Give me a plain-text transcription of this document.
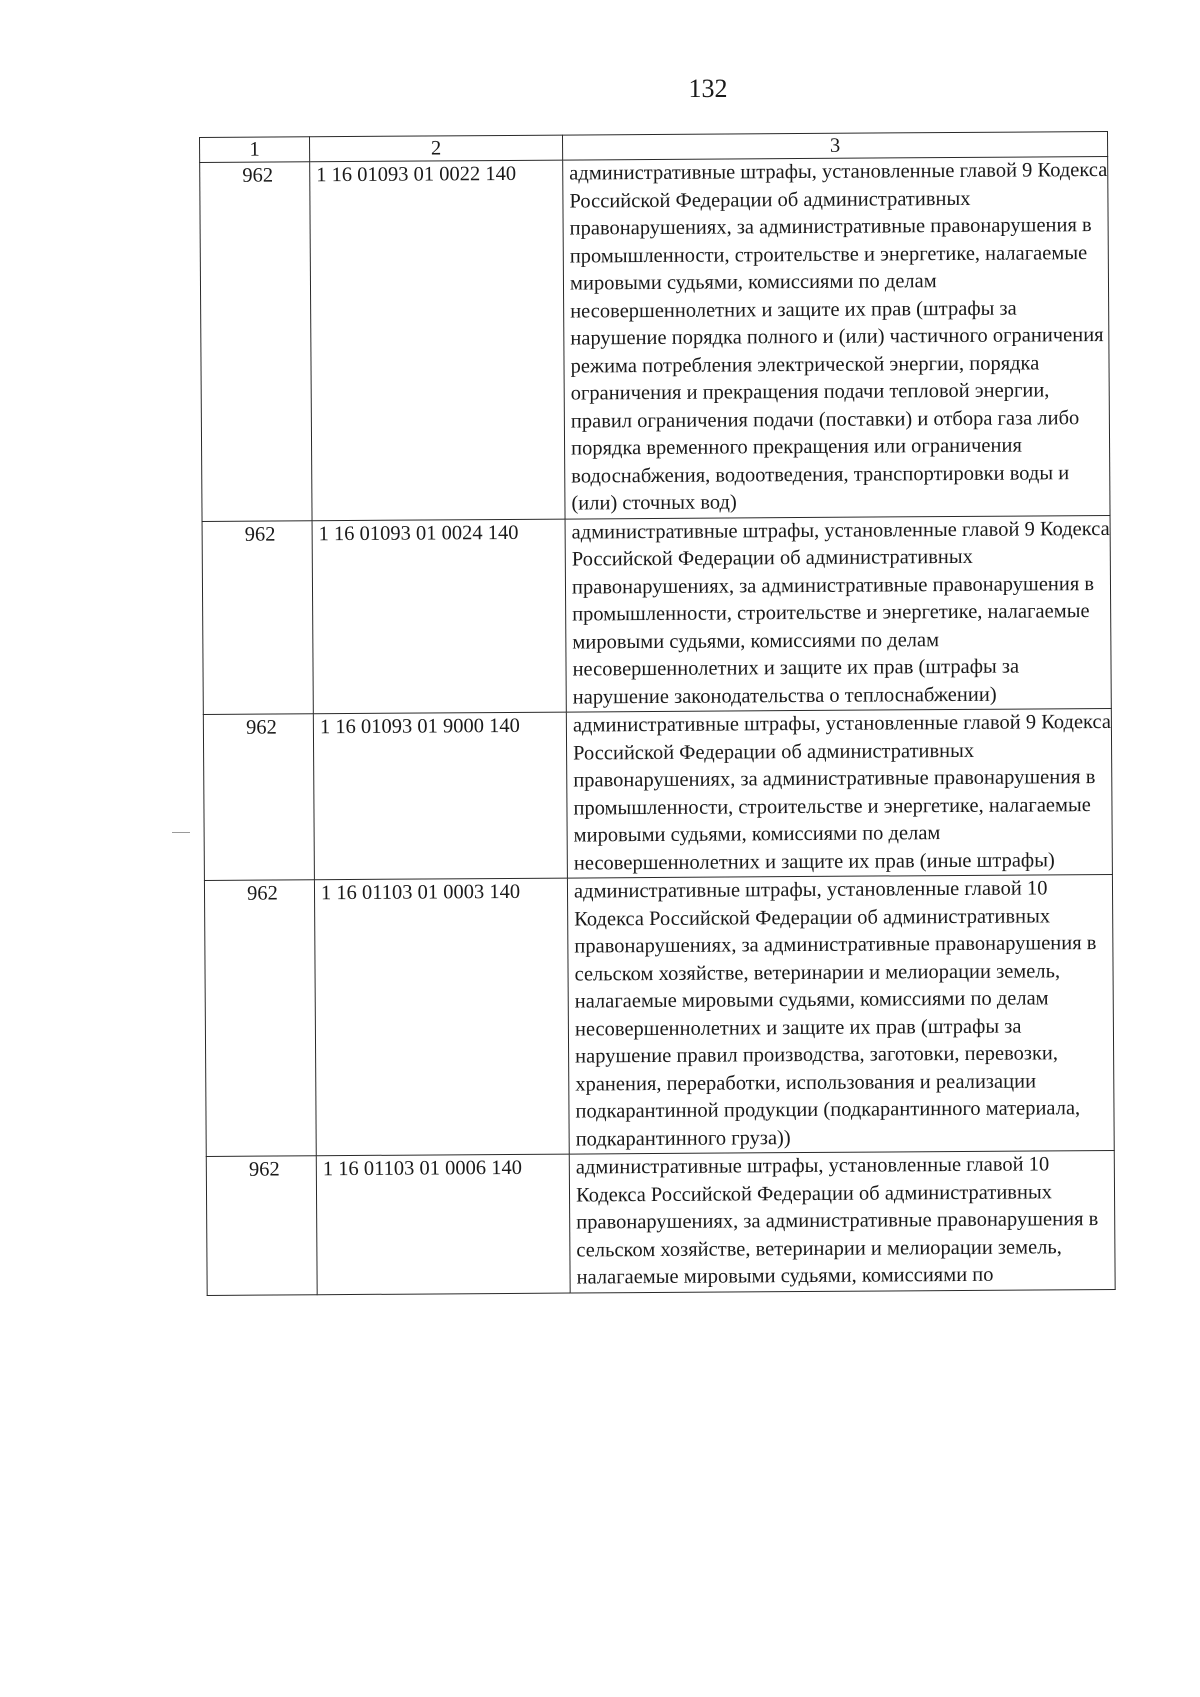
132
1	2	3
962	1 16 01093 01 0022 140	административные штрафы, установленные главой 9 Кодекса Российской Федерации об административных правонарушениях, за административные правонарушения в промышленности, строительстве и энергетике, налагаемые мировыми судьями, комиссиями по делам несовершеннолетних и защите их прав (штрафы за нарушение порядка полного и (или) частичного ограничения режима потребления электрической энергии, порядка ограничения и прекращения подачи тепловой энергии, правил ограничения подачи (поставки) и отбора газа либо порядка временного прекращения или ограничения водоснабжения, водоотведения, транспортировки воды и (или) сточных вод)
962	1 16 01093 01 0024 140	административные штрафы, установленные главой 9 Кодекса Российской Федерации об административных правонарушениях, за административные правонарушения в промышленности, строительстве и энергетике, налагаемые мировыми судьями, комиссиями по делам несовершеннолетних и защите их прав (штрафы за нарушение законодательства о теплоснабжении)
962	1 16 01093 01 9000 140	административные штрафы, установленные главой 9 Кодекса Российской Федерации об административных правонарушениях, за административные правонарушения в промышленности, строительстве и энергетике, налагаемые мировыми судьями, комиссиями по делам несовершеннолетних и защите их прав (иные штрафы)
962	1 16 01103 01 0003 140	административные штрафы, установленные главой 10 Кодекса Российской Федерации об административных правонарушениях, за административные правонарушения в сельском хозяйстве, ветеринарии и мелиорации земель, налагаемые мировыми судьями, комиссиями по делам несовершеннолетних и защите их прав (штрафы за нарушение правил производства, заготовки, перевозки, хранения, переработки, использования и реализации подкарантинной продукции (подкарантинного материала, подкарантинного груза))
962	1 16 01103 01 0006 140	административные штрафы, установленные главой 10 Кодекса Российской Федерации об административных правонарушениях, за административные правонарушения в сельском хозяйстве, ветеринарии и мелиорации земель, налагаемые мировыми судьями, комиссиями по
